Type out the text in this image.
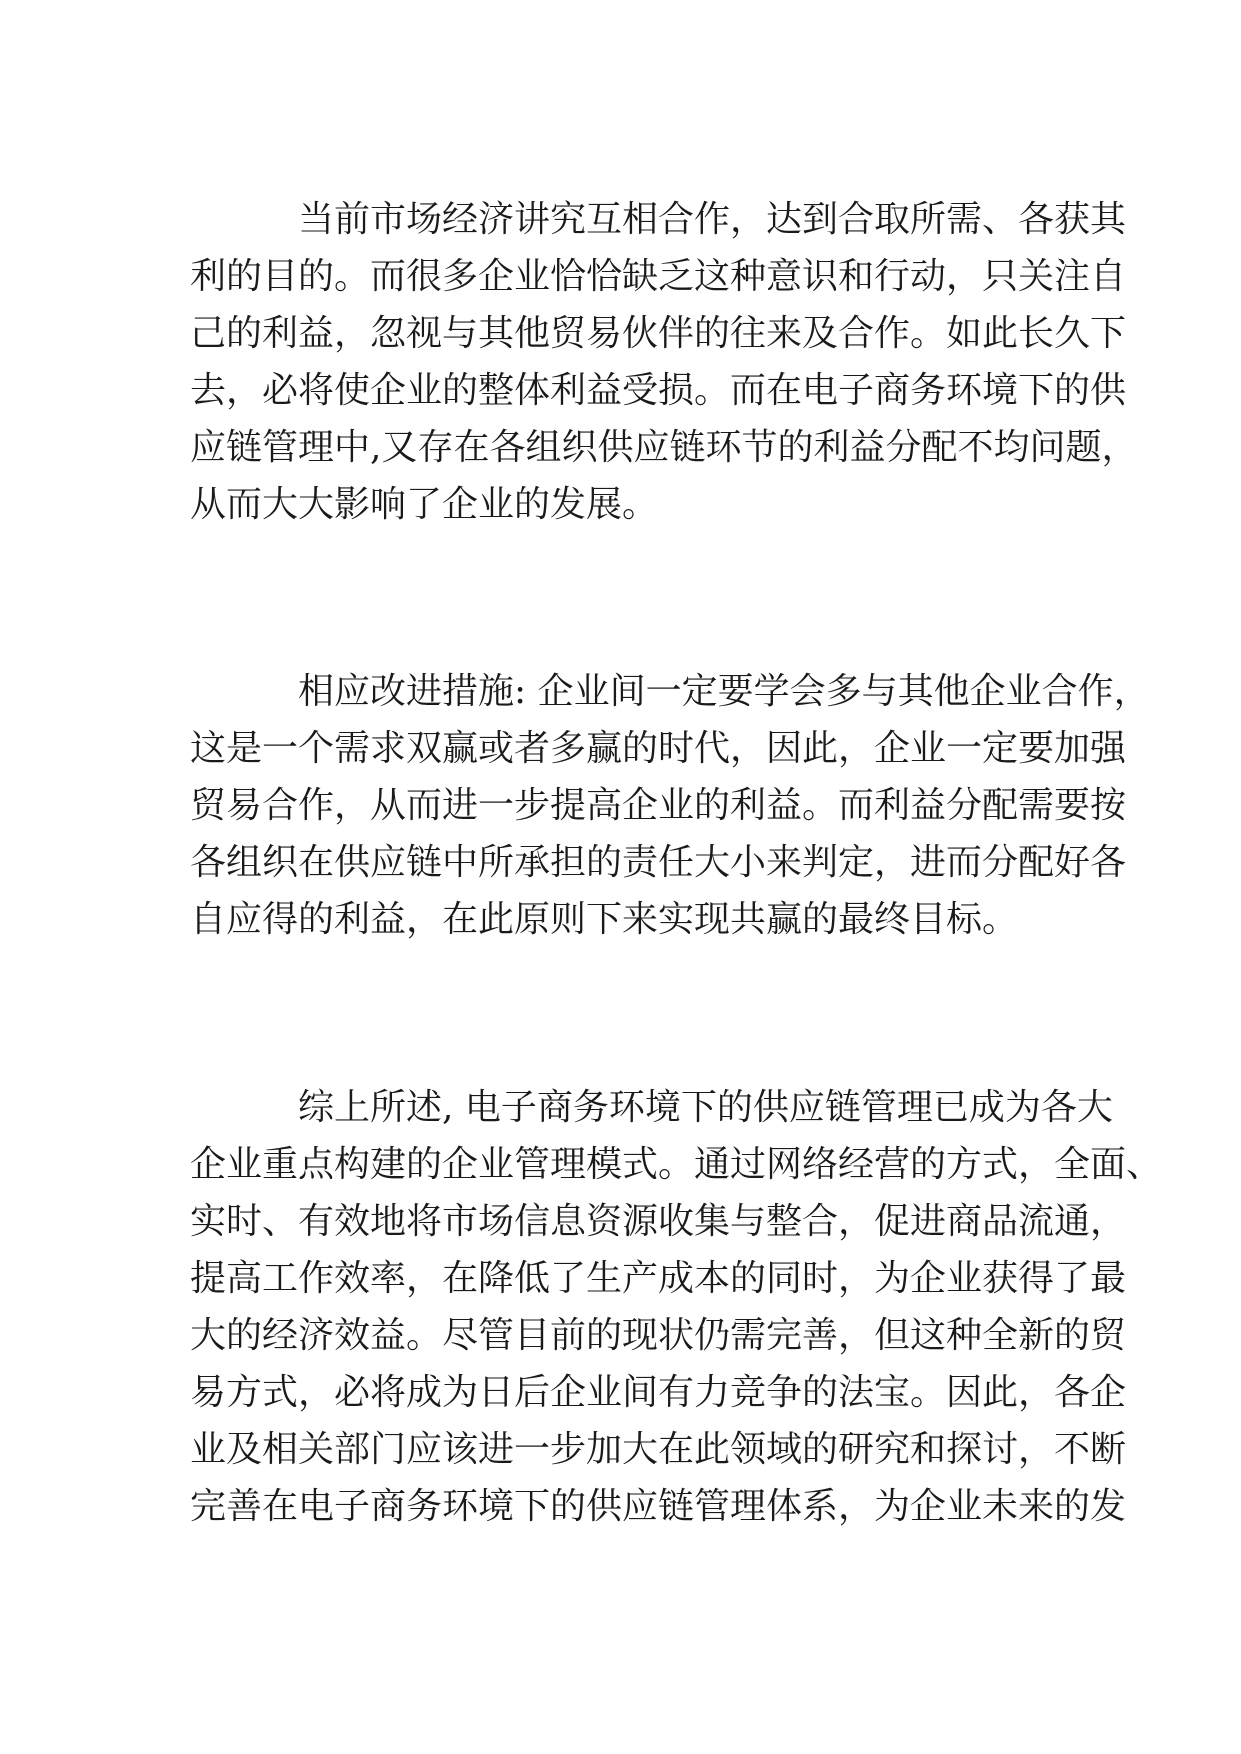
当前市场经济讲究互相合作，达到合取所需、各获其
利的目的。而很多企业恰恰缺乏这种意识和行动，只关注自
己的利益，忽视与其他贸易伙伴的往来及合作。如此长久下
去，必将使企业的整体利益受损。而在电子商务环境下的供
应链管理中,又存在各组织供应链环节的利益分配不均问题，
从而大大影响了企业的发展。
相应改进措施: 企业间一定要学会多与其他企业合作，
这是一个需求双赢或者多赢的时代，因此，企业一定要加强
贸易合作，从而进一步提高企业的利益。而利益分配需要按
各组织在供应链中所承担的责任大小来判定，进而分配好各
自应得的利益，在此原则下来实现共赢的最终目标。
综上所述, 电子商务环境下的供应链管理已成为各大
企业重点构建的企业管理模式。通过网络经营的方式，全面、
实时、有效地将市场信息资源收集与整合，促进商品流通，
提高工作效率，在降低了生产成本的同时，为企业获得了最
大的经济效益。尽管目前的现状仍需完善，但这种全新的贸
易方式，必将成为日后企业间有力竞争的法宝。因此，各企
业及相关部门应该进一步加大在此领域的研究和探讨，不断
完善在电子商务环境下的供应链管理体系，为企业未来的发
